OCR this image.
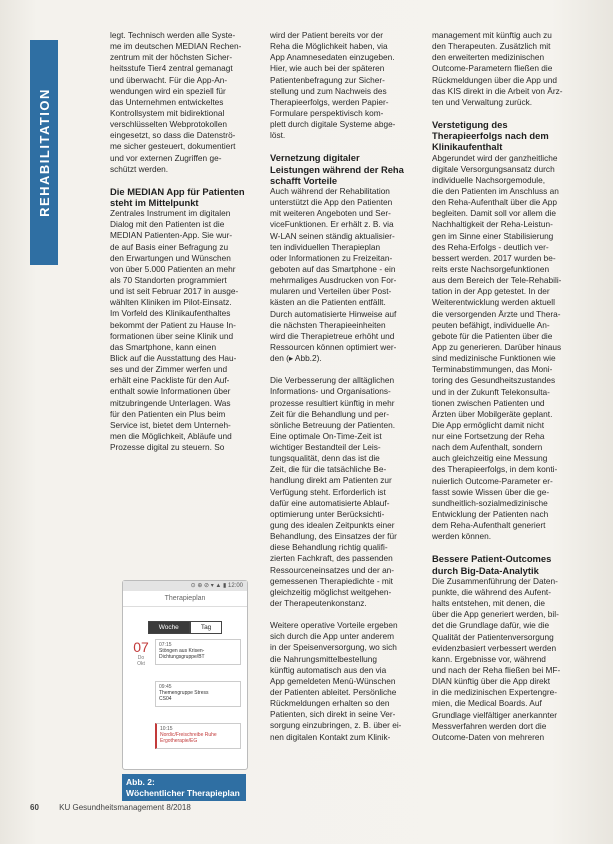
REHABILITATION
legt. Technisch werden alle Syste-
me im deutschen MEDIAN Rechen-
zentrum mit der höchsten Sicher-
heitsstufe Tier4 zentral gemanagt
und überwacht. Für die App-An-
wendungen wird ein speziell für
das Unternehmen entwickeltes
Kontrollsystem mit bidirektional
verschlüsselten Webprotokollen
eingesetzt, so dass die Datenströ-
me sicher gesteuert, dokumentiert
und vor externen Zugriffen ge-
schützt werden.
Die MEDIAN App für Patienten
steht im Mittelpunkt
Zentrales Instrument im digitalen
Dialog mit den Patienten ist die
MEDIAN Patienten-App. Sie wur-
de auf Basis einer Befragung zu
den Erwartungen und Wünschen
von über 5.000 Patienten an mehr
als 70 Standorten programmiert
und ist seit Februar 2017 in ausge-
wählten Kliniken im Pilot-Einsatz.
Im Vorfeld des Klinikaufenthaltes
bekommt der Patient zu Hause In-
formationen über seine Klinik und
das Smartphone, kann einen
Blick auf die Ausstattung des Hau-
ses und der Zimmer werfen und
erhält eine Packliste für den Auf-
enthalt sowie Informationen über
mitzubringende Unterlagen. Was
für den Patienten ein Plus beim
Service ist, bietet dem Unterneh-
men die Möglichkeit, Abläufe und
Prozesse digital zu steuern. So
⊙ ⊕ ⊘ ▾ ▲ ▮ 12:00
Therapieplan
Woche	Tag
07
Do
Okt
07:15
Stöngen aus Krisen-
Dichtungsgruppe/BT
09:45
Themengruppe Stress
CS04
10:15
Nordic/Freischreibe Ruhe
Ergotherapie/EG
Abb. 2:
Wöchentlicher Therapieplan
wird der Patient bereits vor der
Reha die Möglichkeit haben, via
App Anamnesedaten einzugeben.
Hier, wie auch bei der späteren
Patientenbefragung zur Sicher-
stellung und zum Nachweis des
Therapieerfolgs, werden Papier-
Formulare perspektivisch kom-
plett durch digitale Systeme abge-
löst.
Vernetzung digitaler
Leistungen während der Reha
schafft Vorteile
Auch während der Rehabilitation
unterstützt die App den Patienten
mit weiteren Angeboten und Ser-
viceFunktionen. Er erhält z. B. via
W-LAN seinen ständig aktualisier-
ten individuellen Therapieplan
oder Informationen zu Freizeitan-
geboten auf das Smartphone - ein
mehrmaliges Ausdrucken von For-
mularen und Verteilen über Post-
kästen an die Patienten entfällt.
Durch automatisierte Hinweise auf
die nächsten Therapieeinheiten
wird die Therapietreue erhöht und
Ressourcen können optimiert wer-
den (▸ Abb.2).
Die Verbesserung der alltäglichen
Informations- und Organisations-
prozesse resultiert künftig in mehr
Zeit für die Behandlung und per-
sönliche Betreuung der Patienten.
Eine optimale On-Time-Zeit ist
wichtiger Bestandteil der Leis-
tungsqualität, denn das ist die
Zeit, die für die tatsächliche Be-
handlung direkt am Patienten zur
Verfügung steht. Erforderlich ist
dafür eine automatisierte Ablauf-
optimierung unter Berücksichti-
gung des idealen Zeitpunkts einer
Behandlung, des Einsatzes der für
diese Behandlung richtig qualifi-
zierten Fachkraft, des passenden
Ressourceneinsatzes und der an-
gemessenen Therapiedichte - mit
gleichzeitig möglichst weitgehen-
der Therapeutenkonstanz.
Weitere operative Vorteile ergeben
sich durch die App unter anderem
in der Speisenversorgung, wo sich
die Nahrungsmittelbestellung
künftig automatisch aus den via
App gemeldeten Menü-Wünschen
der Patienten ableitet. Persönliche
Rückmeldungen erhalten so den
Patienten, sich direkt in seine Ver-
sorgung einzubringen, z. B. über ei-
nen digitalen Kontakt zum Klinik-
management mit künftig auch zu
den Therapeuten. Zusätzlich mit
den erweiterten medizinischen
Outcome-Parametern fließen die
Rückmeldungen über die App und
das KIS direkt in die Arbeit von Ärz-
ten und Verwaltung zurück.
Verstetigung des
Therapieerfolgs nach dem
Klinikaufenthalt
Abgerundet wird der ganzheitliche
digitale Versorgungsansatz durch
individuelle Nachsorgemodule,
die den Patienten im Anschluss an
den Reha-Aufenthalt über die App
begleiten. Damit soll vor allem die
Nachhaltigkeit der Reha-Leistun-
gen im Sinne einer Stabilisierung
des Reha-Erfolgs - deutlich ver-
bessert werden. 2017 wurden be-
reits erste Nachsorgefunktionen
aus dem Bereich der Tele-Rehabili-
tation in der App getestet. In der
Weiterentwicklung werden aktuell
die versorgenden Ärzte und Thera-
peuten befähigt, individuelle An-
gebote für die Patienten über die
App zu generieren. Darüber hinaus
sind medizinische Funktionen wie
Terminabstimmungen, das Moni-
toring des Gesundheitszustandes
und in der Zukunft Telekonsulta-
tionen zwischen Patienten und
Ärzten über Mobilgeräte geplant.
Die App ermöglicht damit nicht
nur eine Fortsetzung der Reha
nach dem Aufenthalt, sondern
auch gleichzeitig eine Messung
des Therapieerfolgs, in dem konti-
nuierlich Outcome-Parameter er-
fasst sowie Wissen über die ge-
sundheitlich-sozialmedizinische
Entwicklung der Patienten nach
dem Reha-Aufenthalt generiert
werden können.
Bessere Patient-Outcomes
durch Big-Data-Analytik
Die Zusammenführung der Daten-
punkte, die während des Aufent-
halts entstehen, mit denen, die
über die App generiert werden, bil-
det die Grundlage dafür, wie die
Qualität der Patientenversorgung
evidenzbasiert verbessert werden
kann. Ergebnisse vor, während
und nach der Reha fließen bei MF-
DIAN künftig über die App direkt
in die medizinischen Expertengre-
mien, die Medical Boards. Auf
Grundlage vielfältiger anerkannter
Messverfahren werden dort die
Outcome-Daten von mehreren
60	KU Gesundheitsmanagement 8/2018
